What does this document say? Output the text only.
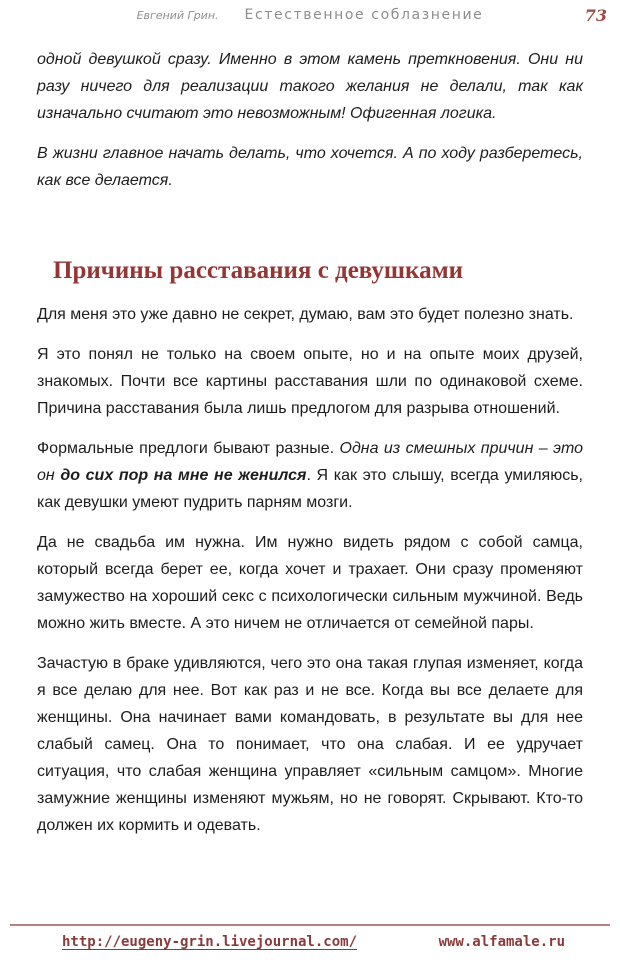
Евгений Грин. Естественное соблазнение	73

одной девушкой сразу. Именно в этом камень преткновения. Они ни разу ничего для реализации такого желания не делали, так как изначально считают это невозможным! Офигенная логика.

В жизни главное начать делать, что хочется. А по ходу разберетесь, как все делается.

Причины расставания с девушками

Для меня это уже давно не секрет, думаю, вам это будет полезно знать.

Я это понял не только на своем опыте, но и на опыте моих друзей, знакомых. Почти все картины расставания шли по одинаковой схеме. Причина расставания была лишь предлогом для разрыва отношений.

Формальные предлоги бывают разные. Одна из смешных причин – это он до сих пор на мне не женился. Я как это слышу, всегда умиляюсь, как девушки умеют пудрить парням мозги.

Да не свадьба им нужна. Им нужно видеть рядом с собой самца, который всегда берет ее, когда хочет и трахает. Они сразу променяют замужество на хороший секс с психологически сильным мужчиной. Ведь можно жить вместе. А это ничем не отличается от семейной пары.

Зачастую в браке удивляются, чего это она такая глупая изменяет, когда я все делаю для нее. Вот как раз и не все. Когда вы все делаете для женщины. Она начинает вами командовать, в результате вы для нее слабый самец. Она то понимает, что она слабая. И ее удручает ситуация, что слабая женщина управляет «сильным самцом». Многие замужние женщины изменяют мужьям, но не говорят. Скрывают. Кто-то должен их кормить и одевать.

http://eugeny-grin.livejournal.com/	www.alfamale.ru
